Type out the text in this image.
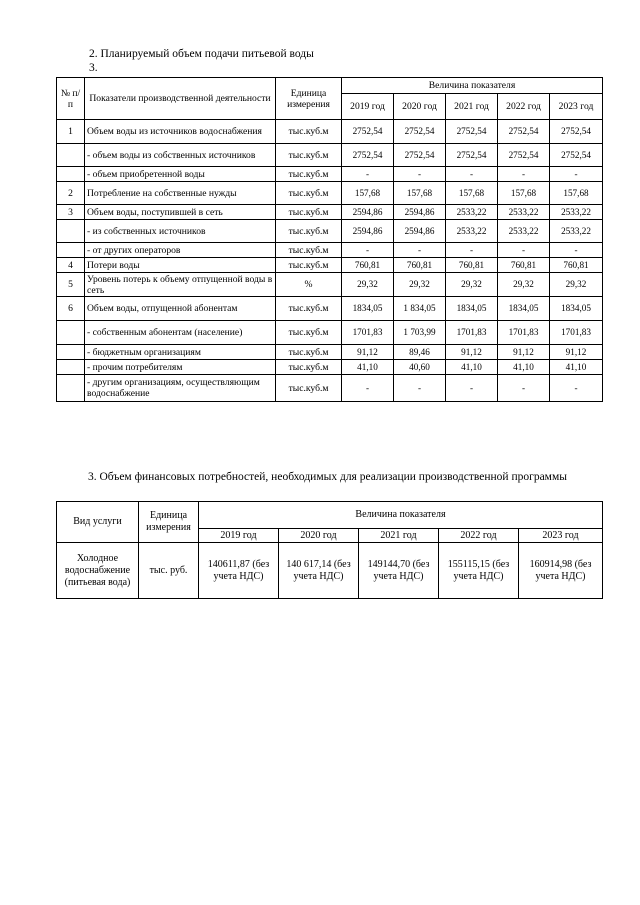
2. Планируемый объем подачи питьевой воды
3.
№ п/п	Показатели производственной деятельности	Единица измерения	Величина показателя				
			2019 год	2020 год	2021 год	2022 год	2023 год
1	Объем воды из источников водоснабжения	тыс.куб.м	2752,54	2752,54	2752,54	2752,54	2752,54
	- объем воды из собственных источников	тыс.куб.м	2752,54	2752,54	2752,54	2752,54	2752,54
	- объем приобретенной воды	тыс.куб.м	-	-	-	-	-
2	Потребление на собственные нужды	тыс.куб.м	157,68	157,68	157,68	157,68	157,68
3	Объем воды, поступившей в сеть	тыс.куб.м	2594,86	2594,86	2533,22	2533,22	2533,22
	- из собственных источников	тыс.куб.м	2594,86	2594,86	2533,22	2533,22	2533,22
	- от других операторов	тыс.куб.м	-	-	-	-	-
4	Потери воды	тыс.куб.м	760,81	760,81	760,81	760,81	760,81
5	Уровень потерь к объему отпущенной воды в сеть	%	29,32	29,32	29,32	29,32	29,32
6	Объем воды, отпущенной абонентам	тыс.куб.м	1834,05	1 834,05	1834,05	1834,05	1834,05
	- собственным абонентам (население)	тыс.куб.м	1701,83	1 703,99	1701,83	1701,83	1701,83
	- бюджетным организациям	тыс.куб.м	91,12	89,46	91,12	91,12	91,12
	- прочим потребителям	тыс.куб.м	41,10	40,60	41,10	41,10	41,10
	- другим организациям, осуществляющим водоснабжение	тыс.куб.м	-	-	-	-	-
3. Объем финансовых потребностей, необходимых для реализации производственной программы
Вид услуги	Единица измерения	Величина показателя				
		2019 год	2020 год	2021 год	2022 год	2023 год
Холодное водоснабжение (питьевая вода)	тыс. руб.	140611,87 (без учета НДС)	140 617,14 (без учета НДС)	149144,70 (без учета НДС)	155115,15 (без учета НДС)	160914,98 (без учета НДС)
